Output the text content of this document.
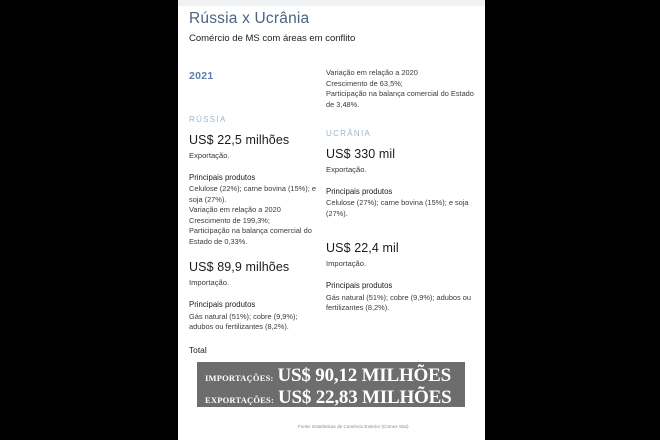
Rússia x Ucrânia
Comércio de MS com áreas em conflito
2021

RÚSSIA

US$ 22,5 milhões

Exportação.

Principais produtos

Celulose (22%); carne bovina (15%); e soja (27%).

Variação em relação a 2020

Crescimento de 199,3%;

Participação na balança comercial do Estado de 0,33%.

US$ 89,9 milhões

Importação.

Principais produtos

Gás natural (51%); cobre (9,9%); adubos ou fertilizantes (8,2%).

Variação em relação a 2020

Crescimento de 63,5%;

Participação na balança comercial do Estado de 3,48%.

UCRÂNIA

US$ 330 mil

Exportação.

Principais produtos

Celulose (27%); carne bovina (15%); e soja (27%).

US$ 22,4 mil

Importação.

Principais produtos

Gás natural (51%); cobre (9,9%); adubos ou fertilizantes (8,2%).

Total
IMPORTAÇÕES: US$ 90,12 MILHÕES
EXPORTAÇÕES: US$ 22,83 MILHÕES
Fonte: Estatísticas de Comércio Exterior (Comex Stat)
